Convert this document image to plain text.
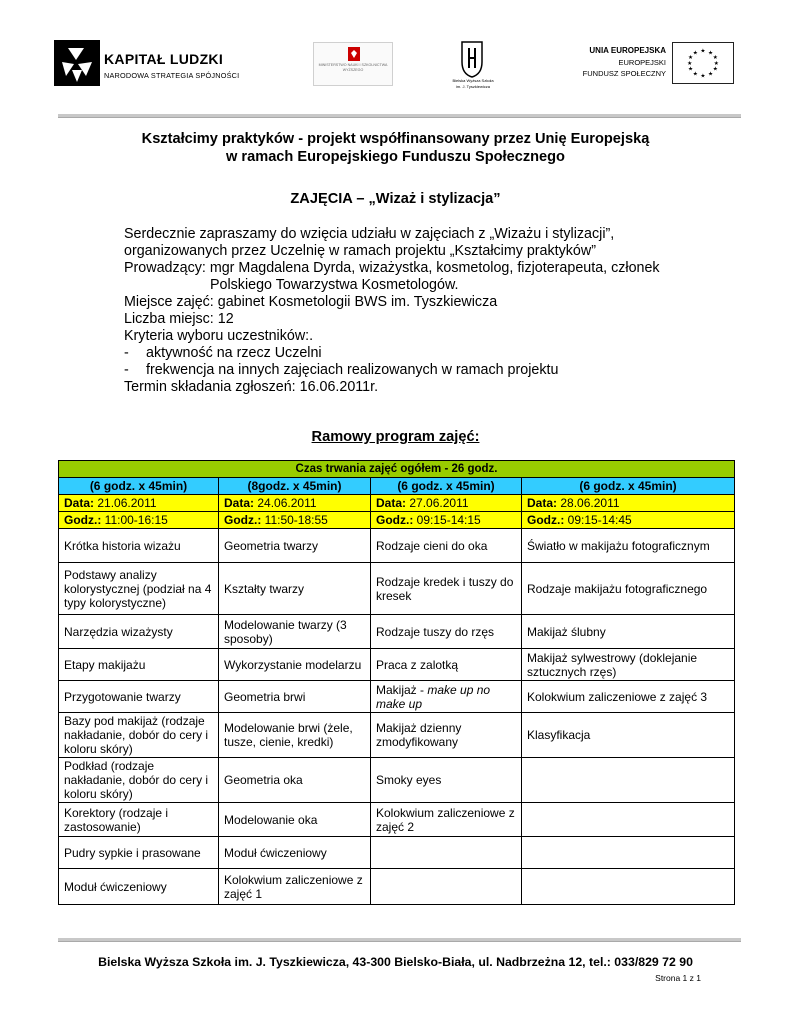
KAPITAŁ LUDZKI
NARODOWA STRATEGIA SPÓJNOŚCI
MINISTERSTWO NAUKI I SZKOLNICTWA WYŻSZEGO
Bielska Wyższa Szkoła
im. J. Tyszkiewicza
UNIA EUROPEJSKA
EUROPEJSKI
FUNDUSZ SPOŁECZNY
★ ★
★
★
★
★
★
★
★
★
★
★
Kształcimy praktyków - projekt współfinansowany przez Unię Europejską
w ramach Europejskiego Funduszu Społecznego
ZAJĘCIA – „Wizaż i stylizacja”
Serdecznie zapraszamy do wzięcia udziału w zajęciach z „Wizażu i stylizacji”,
organizowanych przez Uczelnię w ramach projektu „Kształcimy praktyków”
Prowadzący: mgr Magdalena Dyrda, wizażystka, kosmetolog, fizjoterapeuta, członek
Polskiego Towarzystwa Kosmetologów.
Miejsce zajęć: gabinet Kosmetologii BWS im. Tyszkiewicza
Liczba miejsc: 12
Kryteria wyboru uczestników:.
- aktywność na rzecz Uczelni
- frekwencja na innych zajęciach realizowanych w ramach projektu
Termin składania zgłoszeń: 16.06.2011r.
Ramowy program zajęć:
Czas trwania zajęć ogółem - 26 godz.			
(6 godz. x 45min)	(8godz. x 45min)	(6 godz. x 45min)	(6 godz. x 45min)
Data: 21.06.2011	Data: 24.06.2011	Data: 27.06.2011	Data: 28.06.2011
Godz.: 11:00-16:15	Godz.: 11:50-18:55	Godz.: 09:15-14:15	Godz.: 09:15-14:45
Krótka historia wizażu	Geometria twarzy	Rodzaje cieni do oka	Światło w makijażu fotograficznym
Podstawy analizy kolorystycznej (podział na 4 typy kolorystyczne)	Kształty twarzy	Rodzaje kredek i tuszy do kresek	Rodzaje makijażu fotograficznego
Narzędzia wizażysty	Modelowanie twarzy (3 sposoby)	Rodzaje tuszy do rzęs	Makijaż ślubny
Etapy makijażu	Wykorzystanie modelarzu	Praca z zalotką	Makijaż sylwestrowy (doklejanie sztucznych rzęs)
Przygotowanie twarzy	Geometria brwi	Makijaż - make up no make up	Kolokwium zaliczeniowe z zajęć 3
Bazy pod makijaż (rodzaje nakładanie, dobór do cery i koloru skóry)	Modelowanie brwi (żele, tusze, cienie, kredki)	Makijaż dzienny zmodyfikowany	Klasyfikacja
Podkład (rodzaje nakładanie, dobór do cery i koloru skóry)	Geometria oka	Smoky eyes	
Korektory (rodzaje i zastosowanie)	Modelowanie oka	Kolokwium zaliczeniowe z zajęć 2	
Pudry sypkie i prasowane	Moduł ćwiczeniowy		
Moduł ćwiczeniowy	Kolokwium zaliczeniowe z zajęć 1		
Bielska Wyższa Szkoła im. J. Tyszkiewicza, 43-300 Bielsko-Biała, ul. Nadbrzeżna 12, tel.: 033/829 72 90
Strona 1 z 1
